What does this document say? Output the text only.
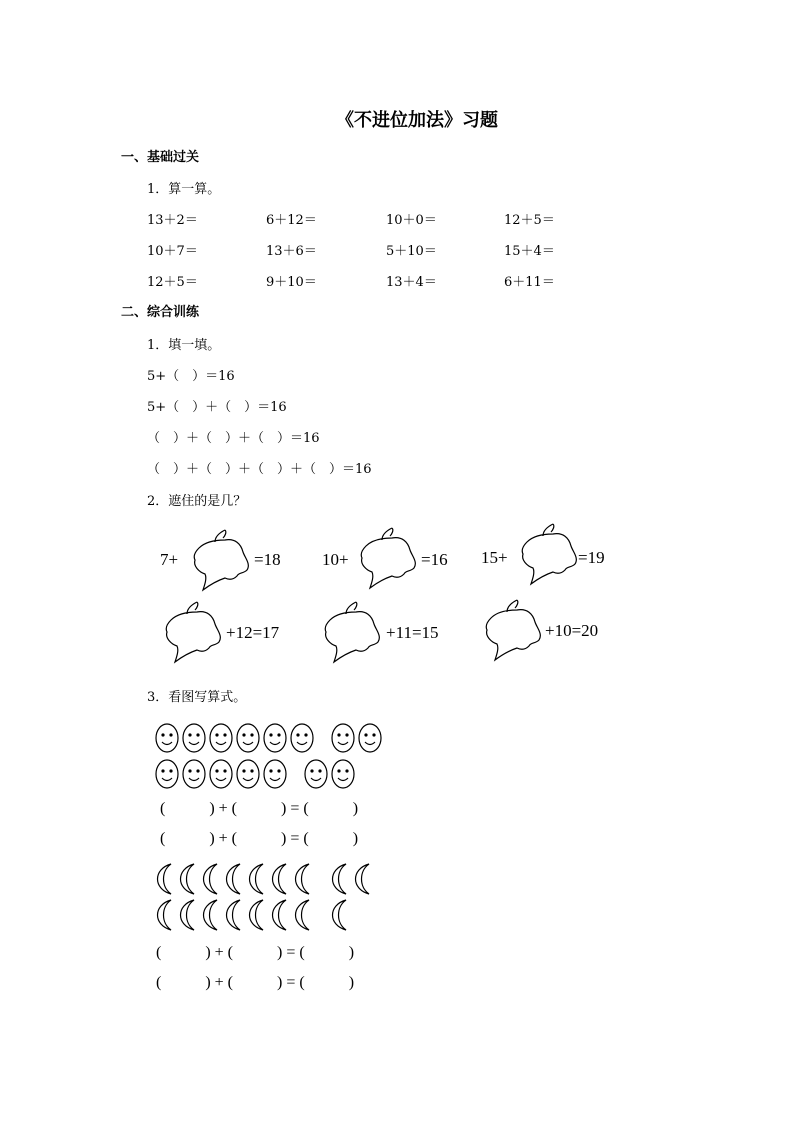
《不进位加法》习题
一、基础过关
1．算一算。
13＋2＝	6＋12＝	10＋0＝	12＋5＝
10＋7＝	13＋6＝	5＋10＝	15＋4＝
12＋5＝	9＋10＝	13＋4＝	6＋11＝
二、综合训练
1．填一填。
5+（　）＝16
5+（　）＋（　）＝16
（　）＋（　）＋（　）＝16
（　）＋（　）＋（　）＋（　）＝16
2．遮住的是几？
7+	=18 10+	=16 15+	=19
+12=17	+11=15	+10=20
3．看图写算式。
(　　)+(　　)=(　　)
(　　)+(　　)=(　　)
(　　)+(　　)=(　　)
(　　)+(　　)=(　　)
